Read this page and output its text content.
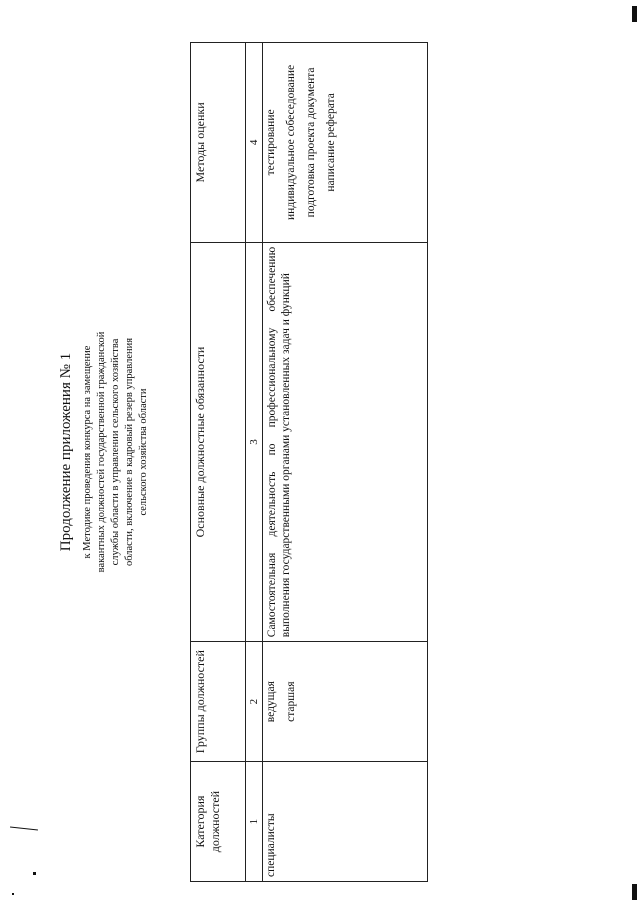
Продолжение приложения № 1 к Методике проведения конкурса на замещение вакантных должностей государственной гражданской службы области в управлении сельского хозяйства области, включение в кадровый резерв управления сельского хозяйства области
Категория должностей	Группы должностей	Основные должностные обязанности	Методы оценки
1	2	3	4
специалисты	ведущая старшая	Самостоятельная деятельность по профессиональному обеспечению выполнения государственными органами установленных задач и функций	тестирование индивидуальное собеседование подготовка проекта документа написание реферата
